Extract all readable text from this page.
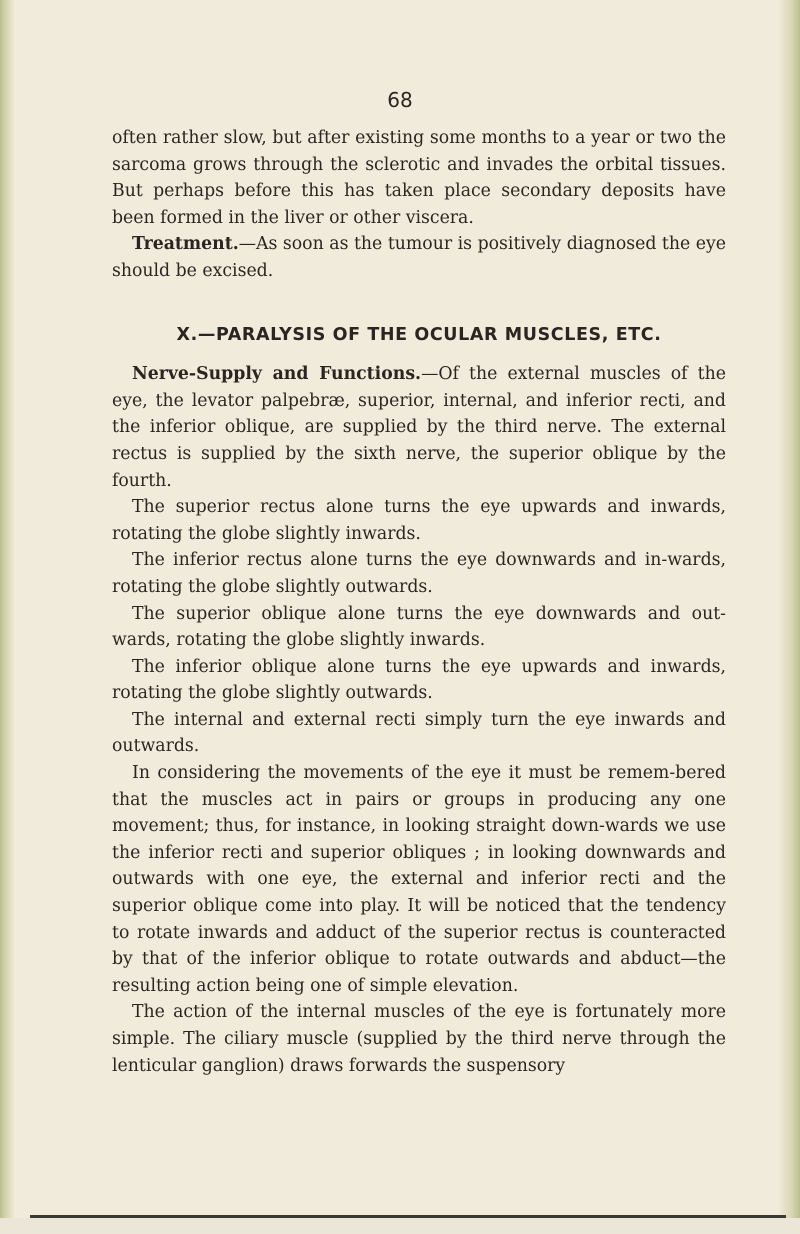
68

often rather slow, but after existing some months to a year or two the sarcoma grows through the sclerotic and invades the orbital tissues. But perhaps before this has taken place secondary deposits have been formed in the liver or other viscera.

Treatment.—As soon as the tumour is positively diagnosed the eye should be excised.

X.—PARALYSIS OF THE OCULAR MUSCLES, ETC.

Nerve-Supply and Functions.—Of the external muscles of the eye, the levator palpebræ, superior, internal, and inferior recti, and the inferior oblique, are supplied by the third nerve. The external rectus is supplied by the sixth nerve, the superior oblique by the fourth.

The superior rectus alone turns the eye upwards and inwards, rotating the globe slightly inwards.

The inferior rectus alone turns the eye downwards and in-wards, rotating the globe slightly outwards.

The superior oblique alone turns the eye downwards and out-wards, rotating the globe slightly inwards.

The inferior oblique alone turns the eye upwards and inwards, rotating the globe slightly outwards.

The internal and external recti simply turn the eye inwards and outwards.

In considering the movements of the eye it must be remem-bered that the muscles act in pairs or groups in producing any one movement; thus, for instance, in looking straight down-wards we use the inferior recti and superior obliques ; in looking downwards and outwards with one eye, the external and inferior recti and the superior oblique come into play. It will be noticed that the tendency to rotate inwards and adduct of the superior rectus is counteracted by that of the inferior oblique to rotate outwards and abduct—the resulting action being one of simple elevation.

The action of the internal muscles of the eye is fortunately more simple. The ciliary muscle (supplied by the third nerve through the lenticular ganglion) draws forwards the suspensory
